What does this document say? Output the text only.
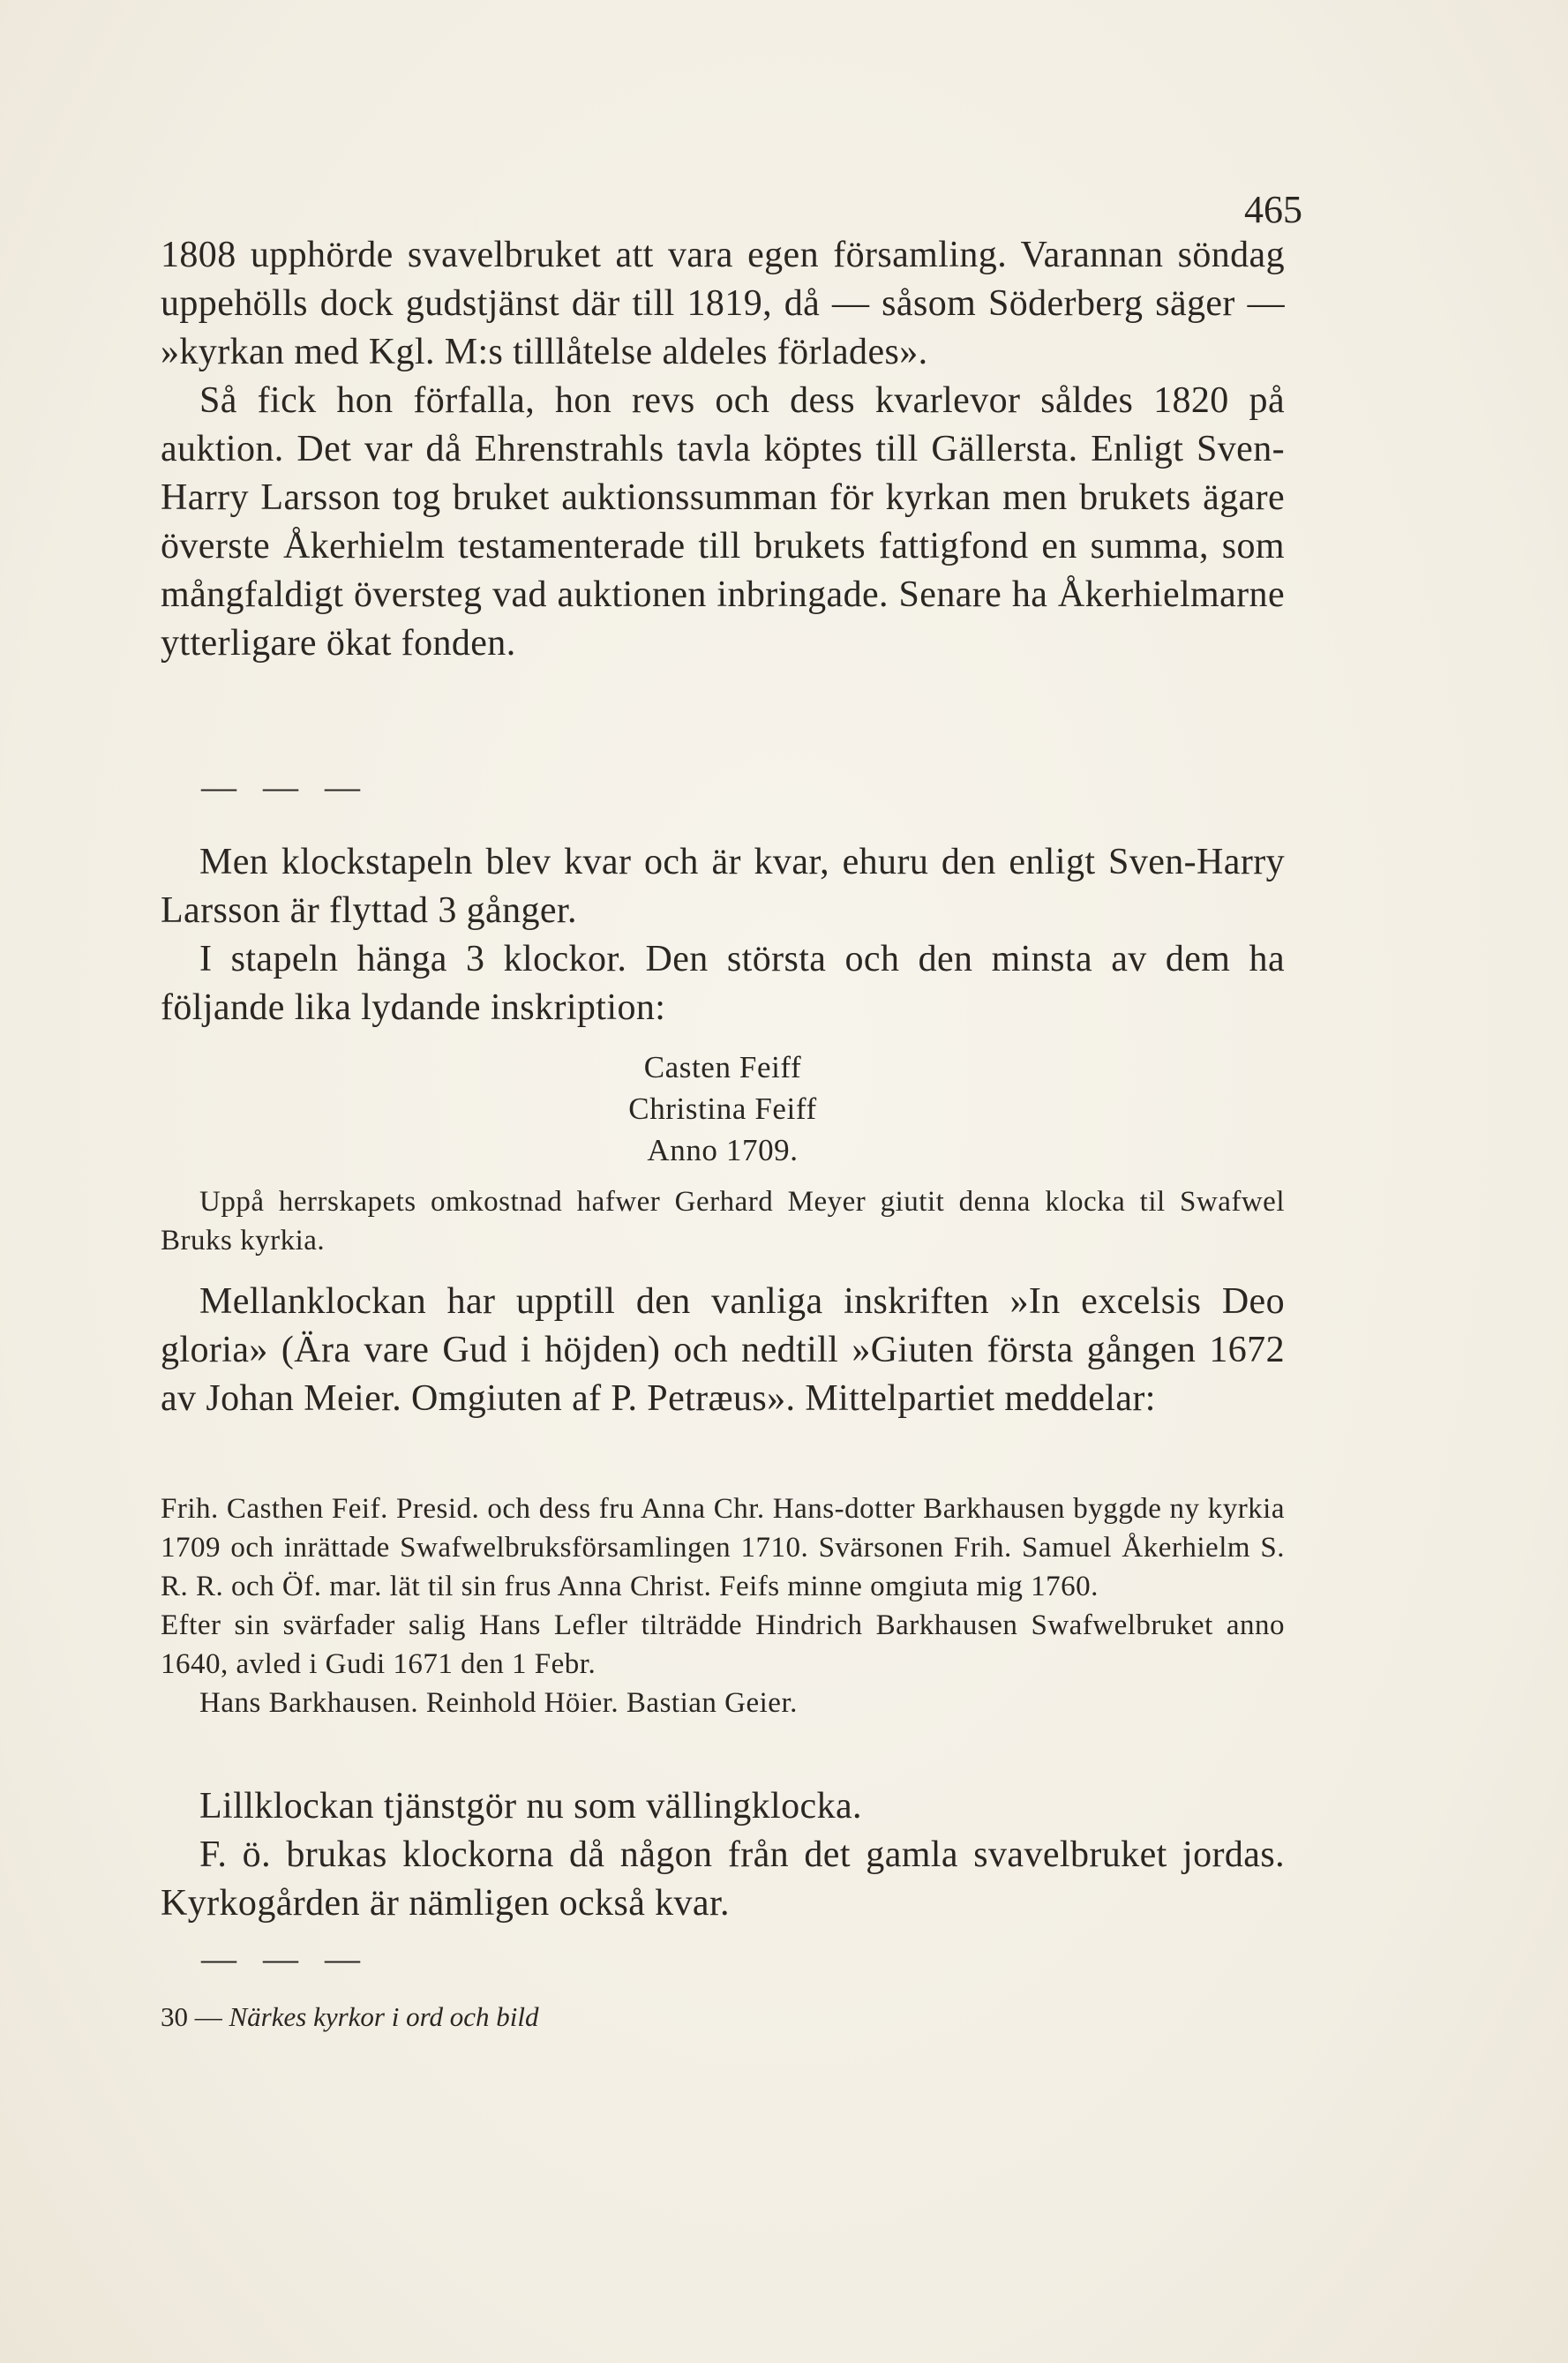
465

1808 upphörde svavelbruket att vara egen församling. Varannan söndag uppehölls dock gudstjänst där till 1819, då — såsom Söderberg säger — »kyrkan med Kgl. M:s tilllåtelse aldeles förlades».

Så fick hon förfalla, hon revs och dess kvarlevor såldes 1820 på auktion. Det var då Ehrenstrahls tavla köptes till Gällersta. Enligt Sven-Harry Larsson tog bruket auktionssumman för kyrkan men brukets ägare överste Åkerhielm testamenterade till brukets fattigfond en summa, som mångfaldigt översteg vad auktionen inbringade. Senare ha Åkerhielmarne ytterligare ökat fonden.

— — —

Men klockstapeln blev kvar och är kvar, ehuru den enligt Sven-Harry Larsson är flyttad 3 gånger.

I stapeln hänga 3 klockor. Den största och den minsta av dem ha följande lika lydande inskription:

Casten Feiff
Christina Feiff
Anno 1709.

Uppå herrskapets omkostnad hafwer Gerhard Meyer giutit denna klocka til Swafwel Bruks kyrkia.

Mellanklockan har upptill den vanliga inskriften »In excelsis Deo gloria» (Ära vare Gud i höjden) och nedtill »Giuten första gången 1672 av Johan Meier. Omgiuten af P. Petræus». Mittelpartiet meddelar:

Frih. Casthen Feif. Presid. och dess fru Anna Chr. Hans-dotter Barkhausen byggde ny kyrkia 1709 och inrättade Swafwelbruksförsamlingen 1710. Svärsonen Frih. Samuel Åkerhielm S. R. R. och Öf. mar. lät til sin frus Anna Christ. Feifs minne omgiuta mig 1760.

Efter sin svärfader salig Hans Lefler tilträdde Hindrich Barkhausen Swafwelbruket anno 1640, avled i Gudi 1671 den 1 Febr.

Hans Barkhausen. Reinhold Höier. Bastian Geier.

Lillklockan tjänstgör nu som vällingklocka.

F. ö. brukas klockorna då någon från det gamla svavelbruket jordas. Kyrkogården är nämligen också kvar.

— — —
30 — Närkes kyrkor i ord och bild
